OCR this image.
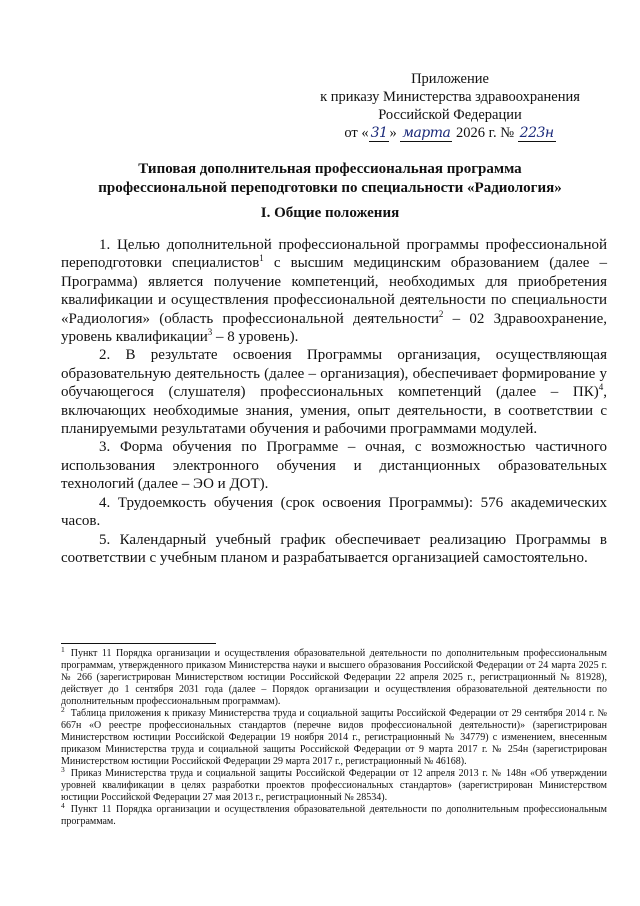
Приложение
к приказу Министерства здравоохранения
Российской Федерации
от « 31 » марта 2026 г. № 223н
Типовая дополнительная профессиональная программа
профессиональной переподготовки по специальности «Радиология»
I. Общие положения

1. Целью дополнительной профессиональной программы профессиональной переподготовки специалистов$^1$ с высшим медицинским образованием (далее – Программа) является получение компетенций, необходимых для приобретения квалификации и осуществления профессиональной деятельности по специальности «Радиология» (область профессиональной деятельности$^2$ – 02 Здравоохранение, уровень квалификации$^3$ – 8 уровень).

2. В результате освоения Программы организация, осуществляющая образовательную деятельность (далее – организация), обеспечивает формирование у обучающегося (слушателя) профессиональных компетенций (далее – ПК)$^4$, включающих необходимые знания, умения, опыт деятельности, в соответствии с планируемыми результатами обучения и рабочими программами модулей.

3. Форма обучения по Программе – очная, с возможностью частичного использования электронного обучения и дистанционных образовательных технологий (далее – ЭО и ДОТ).

4. Трудоемкость обучения (срок освоения Программы): 576 академических часов.

5. Календарный учебный график обеспечивает реализацию Программы в соответствии с учебным планом и разрабатывается организацией самостоятельно.

$^1$ Пункт 11 Порядка организации и осуществления образовательной деятельности по дополнительным профессиональным программам, утвержденного приказом Министерства науки и высшего образования Российской Федерации от 24 марта 2025 г. № 266 (зарегистрирован Министерством юстиции Российской Федерации 22 апреля 2025 г., регистрационный № 81928), действует до 1 сентября 2031 года (далее – Порядок организации и осуществления образовательной деятельности по дополнительным профессиональным программам).

$^2$ Таблица приложения к приказу Министерства труда и социальной защиты Российской Федерации от 29 сентября 2014 г. № 667н «О реестре профессиональных стандартов (перечне видов профессиональной деятельности)» (зарегистрирован Министерством юстиции Российской Федерации 19 ноября 2014 г., регистрационный № 34779) с изменением, внесенным приказом Министерства труда и социальной защиты Российской Федерации от 9 марта 2017 г. № 254н (зарегистрирован Министерством юстиции Российской Федерации 29 марта 2017 г., регистрационный № 46168).

$^3$ Приказ Министерства труда и социальной защиты Российской Федерации от 12 апреля 2013 г. № 148н «Об утверждении уровней квалификации в целях разработки проектов профессиональных стандартов» (зарегистрирован Министерством юстиции Российской Федерации 27 мая 2013 г., регистрационный № 28534).

$^4$ Пункт 11 Порядка организации и осуществления образовательной деятельности по дополнительным профессиональным программам.
